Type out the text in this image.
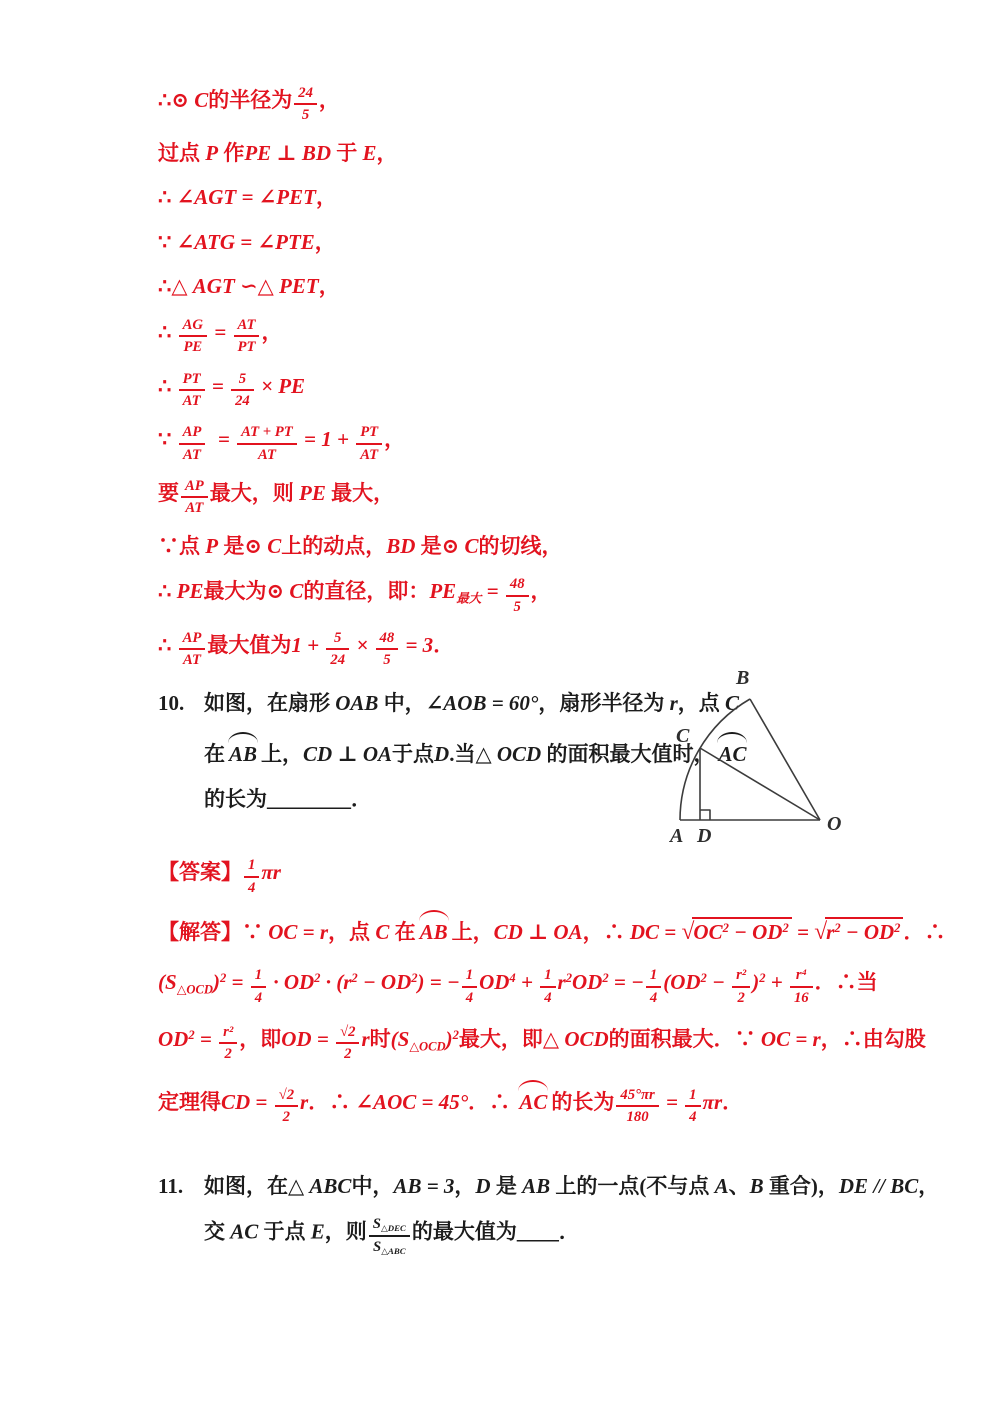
∴⊙ C的半径为 $\frac{24}{5}$ ，
过点 P 作PE ⊥ BD 于 E，
∴ ∠AGT = ∠PET，
∵ ∠ATG = ∠PTE，
∴△ AGT ∽△ PET，
∴ $\frac{AG}{PE} = \frac{AT}{PT}$ ，
∴ $\frac{PT}{AT} = \frac{5}{24}$ × PE
∵ $\frac{AP}{AT} = \frac{AT + PT}{AT} = 1 + \frac{PT}{AT}$ ，
要 $\frac{AP}{AT}$ 最大，则 PE 最大，
∵点 P 是⊙ C上的动点，BD 是⊙ C的切线，
∴ PE最大为⊙ C的直径，即：$PE_{最大} = \frac{48}{5}$ ，
∴ $\frac{AP}{AT}$ 最大值为$1 + \frac{5}{24} \times \frac{48}{5} = 3$．
10. 如图，在扇形 OAB 中，∠AOB = 60°，扇形半径为 r，点 C
在 AB 上，CD ⊥ OA于点D.当△ OCD 的面积最大值时， AC
的长为________．
B
C
A D
O
【答案】 $\frac{1}{4}$ πr
【解答】∵ OC = r，点 C 在 AB 上，CD ⊥ OA，∴ DC = $√OC^2 - OD^2 = √r^2 - OD^2$ ．∴
$(S_{\triangle OCD})^2 = \frac{1}{4} \cdot OD^2 \cdot (r^2 - OD^2)$ = − $\frac{1}{4} OD^4 + \frac{1}{4} r^2OD^2$ = − $\frac{1}{4} (OD^2 - \frac{\text{r²}}{2} )^2 + \frac{\text{r⁴}}{16}$ ．∴当
$OD^2 = \frac{\text{r²}}{2}$ ，即OD = $\frac{√2}{2}$ r时$(S_{\triangle OCD})^2$最大，即△ OCD的面积最大．∵ OC = r，∴由勾股
定理得CD = $\frac{√2}{2}$ r．∴ ∠AOC = 45°．∴ AC 的长为 $\frac{45^\circ\pi r}{180} = \frac{1}{4}$ πr．
11. 如图，在△ ABC中，AB = 3，D 是 AB 上的一点(不与点 A、B 重合)，DE // BC，
交 AC 于点 E，则 $\frac{S_{\triangle DEC}}{S_{\triangle ABC}}$ 的最大值为____．
